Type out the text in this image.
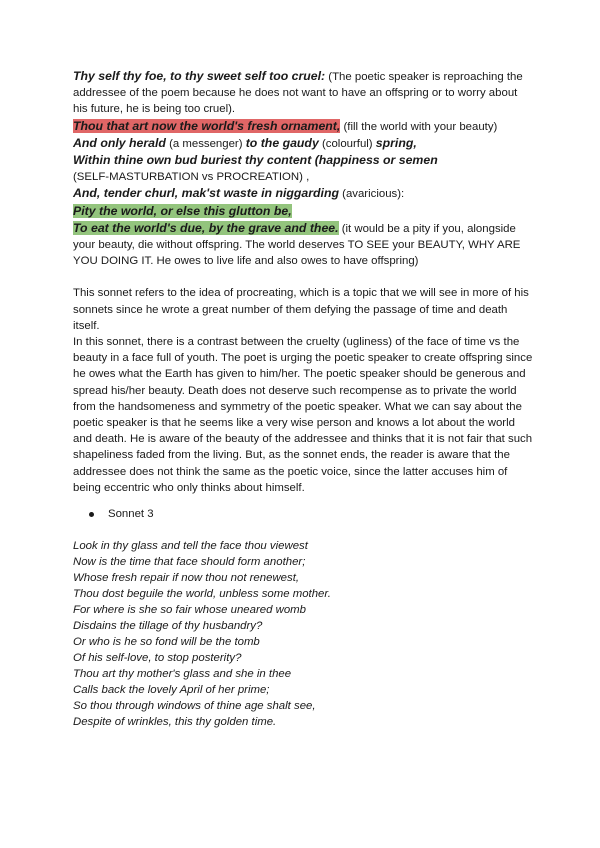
Thy self thy foe, to thy sweet self too cruel: (The poetic speaker is reproaching the addressee of the poem because he does not want to have an offspring or to worry about his future, he is being too cruel).

Thou that art now the world's fresh ornament, (fill the world with your beauty)

And only herald (a messenger) to the gaudy (colourful) spring,

Within thine own bud buriest thy content (happiness or semen

(SELF-MASTURBATION vs PROCREATION) ,

And, tender churl, mak'st waste in niggarding (avaricious):

Pity the world, or else this glutton be,

To eat the world's due, by the grave and thee. (it would be a pity if you, alongside your beauty, die without offspring. The world deserves TO SEE your BEAUTY, WHY ARE YOU DOING IT. He owes to live life and also owes to have offspring)

This sonnet refers to the idea of procreating, which is a topic that we will see in more of his sonnets since he wrote a great number of them defying the passage of time and death itself.

In this sonnet, there is a contrast between the cruelty (ugliness) of the face of time vs the beauty in a face full of youth. The poet is urging the poetic speaker to create offspring since he owes what the Earth has given to him/her. The poetic speaker should be generous and spread his/her beauty. Death does not deserve such recompense as to private the world from the handsomeness and symmetry of the poetic speaker. What we can say about the poetic speaker is that he seems like a very wise person and knows a lot about the world and death. He is aware of the beauty of the addressee and thinks that it is not fair that such shapeliness faded from the living. But, as the sonnet ends, the reader is aware that the addressee does not think the same as the poetic voice, since the latter accuses him of being eccentric who only thinks about himself.

Sonnet 3
Look in thy glass and tell the face thou viewest
Now is the time that face should form another;
Whose fresh repair if now thou not renewest,
Thou dost beguile the world, unbless some mother.
For where is she so fair whose uneared womb
Disdains the tillage of thy husbandry?
Or who is he so fond will be the tomb
Of his self-love, to stop posterity?
Thou art thy mother's glass and she in thee
Calls back the lovely April of her prime;
So thou through windows of thine age shalt see,
Despite of wrinkles, this thy golden time.
